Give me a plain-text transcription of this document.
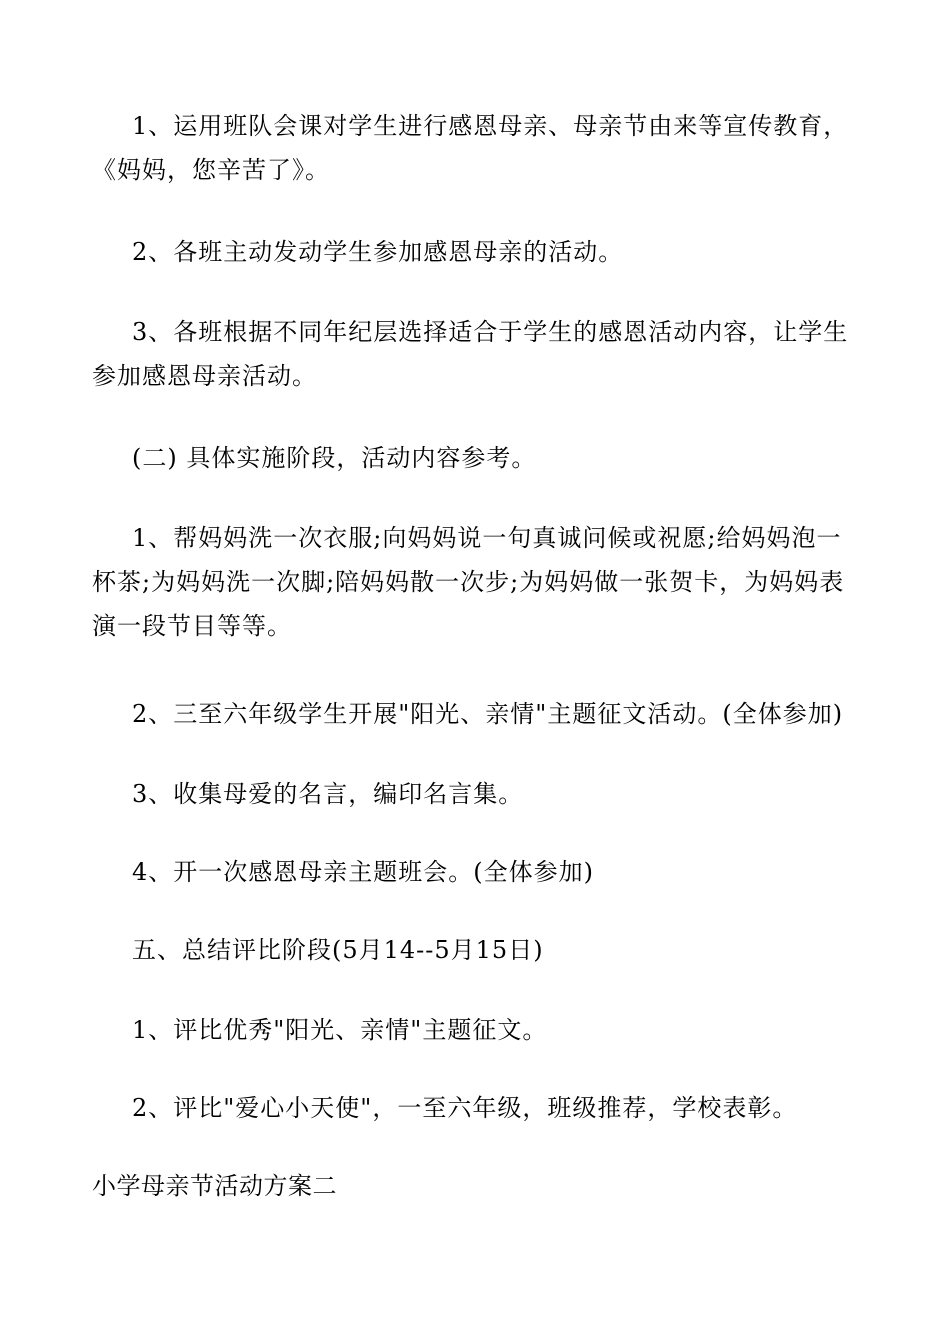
1、运用班队会课对学生进行感恩母亲、母亲节由来等宣传教育，《妈妈，您辛苦了》。

2、各班主动发动学生参加感恩母亲的活动。

3、各班根据不同年纪层选择适合于学生的感恩活动内容，让学生参加感恩母亲活动。

(二) 具体实施阶段，活动内容参考。

1、帮妈妈洗一次衣服;向妈妈说一句真诚问候或祝愿;给妈妈泡一杯茶;为妈妈洗一次脚;陪妈妈散一次步;为妈妈做一张贺卡，为妈妈表演一段节目等等。

2、三至六年级学生开展"阳光、亲情"主题征文活动。(全体参加)

3、收集母爱的名言，编印名言集。

4、开一次感恩母亲主题班会。(全体参加)

五、总结评比阶段(5月14--5月15日)

1、评比优秀"阳光、亲情"主题征文。

2、评比"爱心小天使"，一至六年级，班级推荐，学校表彰。

小学母亲节活动方案二
